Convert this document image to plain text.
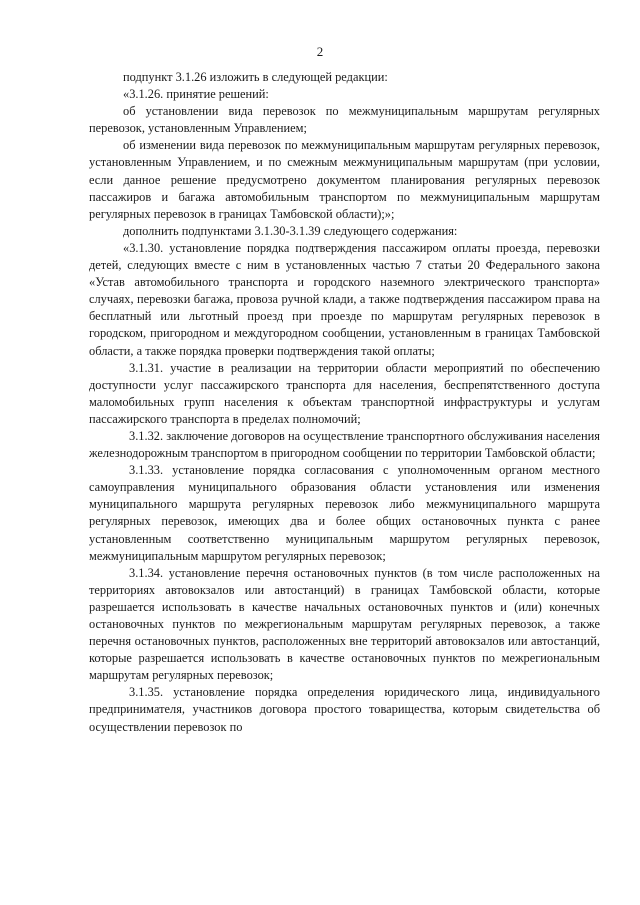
2

подпункт 3.1.26 изложить в следующей редакции:

«3.1.26. принятие решений:

об установлении вида перевозок по межмуниципальным маршрутам регулярных перевозок, установленным Управлением;

об изменении вида перевозок по межмуниципальным маршрутам регулярных перевозок, установленным Управлением, и по смежным межмуниципальным маршрутам (при условии, если данное решение предусмотрено документом планирования регулярных перевозок пассажиров и багажа автомобильным транспортом по межмуниципальным маршрутам регулярных перевозок в границах Тамбовской области);»;

дополнить подпунктами 3.1.30-3.1.39 следующего содержания:

«3.1.30. установление порядка подтверждения пассажиром оплаты проезда, перевозки детей, следующих вместе с ним в установленных частью 7 статьи 20 Федерального закона «Устав автомобильного транспорта и городского наземного электрического транспорта» случаях, перевозки багажа, провоза ручной клади, а также подтверждения пассажиром права на бесплатный или льготный проезд при проезде по маршрутам регулярных перевозок в городском, пригородном и междугородном сообщении, установленным в границах Тамбовской области, а также порядка проверки подтверждения такой оплаты;

3.1.31. участие в реализации на территории области мероприятий по обеспечению доступности услуг пассажирского транспорта для населения, беспрепятственного доступа маломобильных групп населения к объектам транспортной инфраструктуры и услугам пассажирского транспорта в пределах полномочий;

3.1.32. заключение договоров на осуществление транспортного обслуживания населения железнодорожным транспортом в пригородном сообщении по территории Тамбовской области;

3.1.33. установление порядка согласования с уполномоченным органом местного самоуправления муниципального образования области установления или изменения муниципального маршрута регулярных перевозок либо межмуниципального маршрута регулярных перевозок, имеющих два и более общих остановочных пункта с ранее установленным соответственно муниципальным маршрутом регулярных перевозок, межмуниципальным маршрутом регулярных перевозок;

3.1.34. установление перечня остановочных пунктов (в том числе расположенных на территориях автовокзалов или автостанций) в границах Тамбовской области, которые разрешается использовать в качестве начальных остановочных пунктов и (или) конечных остановочных пунктов по межрегиональным маршрутам регулярных перевозок, а также перечня остановочных пунктов, расположенных вне территорий автовокзалов или автостанций, которые разрешается использовать в качестве остановочных пунктов по межрегиональным маршрутам регулярных перевозок;

3.1.35. установление порядка определения юридического лица, индивидуального предпринимателя, участников договора простого товарищества, которым свидетельства об осуществлении перевозок по
